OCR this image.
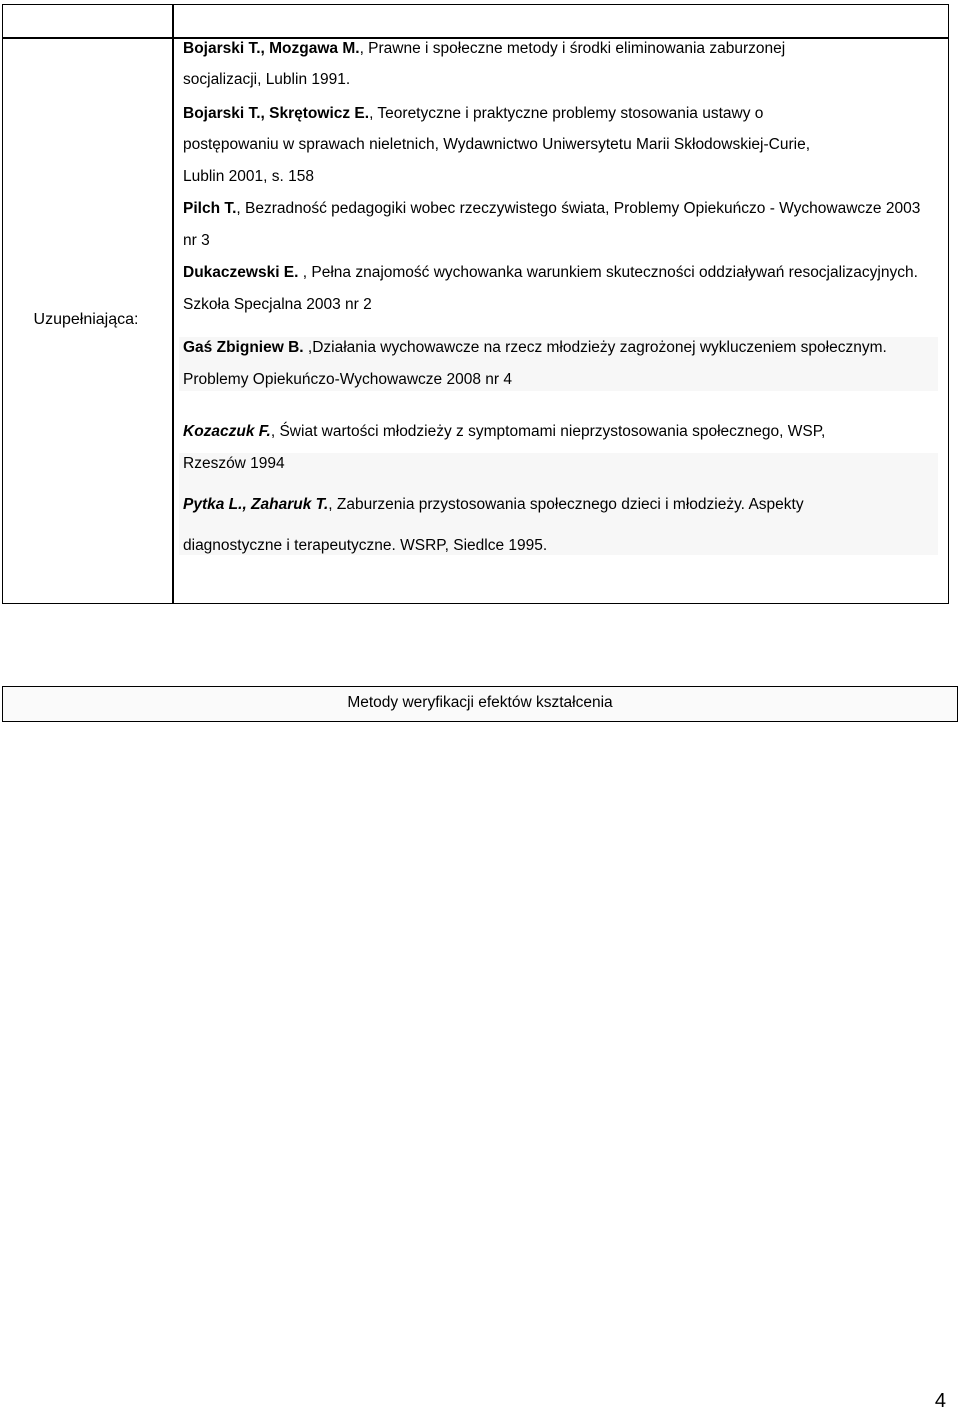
Uzupełniająca:
Bojarski T., Mozgawa M., Prawne i społeczne metody i środki eliminowania zaburzonej
socjalizacji, Lublin 1991.
Bojarski T., Skrętowicz E., Teoretyczne i praktyczne problemy stosowania ustawy o
postępowaniu w sprawach nieletnich, Wydawnictwo Uniwersytetu Marii Skłodowskiej-Curie,
Lublin 2001, s. 158
Pilch T., Bezradność pedagogiki wobec rzeczywistego świata, Problemy Opiekuńczo - Wychowawcze 2003
nr 3
Dukaczewski E. , Pełna znajomość wychowanka warunkiem skuteczności oddziaływań resocjalizacyjnych.
Szkoła Specjalna 2003 nr 2
Gaś Zbigniew B. ,Działania wychowawcze na rzecz młodzieży zagrożonej wykluczeniem społecznym.
Problemy Opiekuńczo-Wychowawcze 2008 nr 4
Kozaczuk F., Świat wartości młodzieży z symptomami nieprzystosowania społecznego, WSP,
Rzeszów 1994
Pytka L., Zaharuk T., Zaburzenia przystosowania społecznego dzieci i młodzieży. Aspekty
diagnostyczne i terapeutyczne. WSRP, Siedlce 1995.
Metody weryfikacji efektów kształcenia
4
